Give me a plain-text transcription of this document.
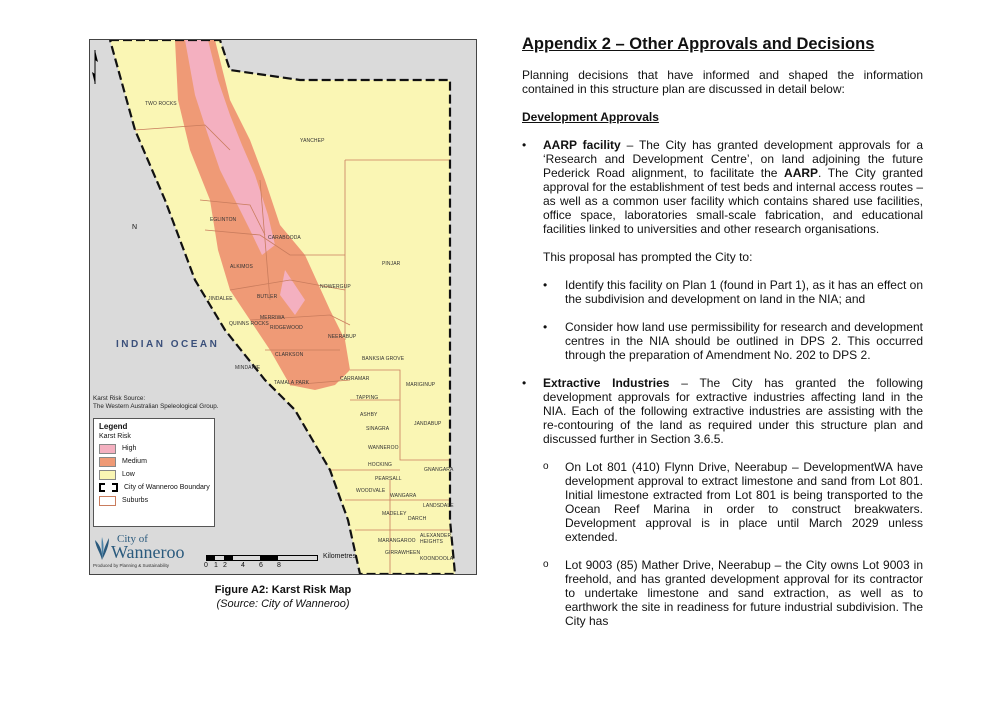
TWO ROCKS
YANCHEP
EGLINTON
CARABOODA
PINJAR
ALKIMOS
NOWERGUP
JINDALEE	BUTLER
QUINNS ROCKS
MERRIWA
RIDGEWOOD
NEERABUP
CLARKSON
BANKSIA GROVE
MINDARIE
TAMALA PARK
CARRAMAR
MARIGINUP
TAPPING
ASHBY
JANDABUP
SINAGRA
WANNEROO
HOCKING
GNANGARA
PEARSALL
WOODVALE
WANGARA
LANDSDALE
MADELEY
DARCH
MARANGAROO
ALEXANDER HEIGHTS
GIRRAWHEEN
KOONDOOLA
INDIAN OCEAN
N
Karst Risk Source:
The Western Australian Speleological Group.
Legend
Karst Risk
High
Medium
Low
City of Wanneroo Boundary
Suburbs
City of
Wanneroo
Produced by Planning & Sustainability
Kilometres
0 1 2 4 6 8
Figure A2: Karst Risk Map
(Source: City of Wanneroo)
Appendix 2 – Other Approvals and Decisions

Planning decisions that have informed and shaped the information contained in this structure plan are discussed in detail below:

Development Approvals

• AARP facility – The City has granted development approvals for a ‘Research and Development Centre’, on land adjoining the future Pederick Road alignment, to facilitate the AARP. The City granted approval for the establishment of test beds and internal access routes – as well as a common user facility which contains shared use facilities, office space, laboratories small-scale fabrication, and educational facilities linked to universities and other research organisations.
This proposal has prompted the City to:
• Identify this facility on Plan 1 (found in Part 1), as it has an effect on the subdivision and development on land in the NIA; and
• Consider how land use permissibility for research and development centres in the NIA should be outlined in DPS 2. This occurred through the preparation of Amendment No. 202 to DPS 2.
• Extractive Industries – The City has granted the following development approvals for extractive industries affecting land in the NIA. Each of the following extractive industries are assisting with the re-contouring of the land as required under this structure plan and discussed further in Section 3.6.5.
o On Lot 801 (410) Flynn Drive, Neerabup – DevelopmentWA have development approval to extract limestone and sand from Lot 801. Initial limestone extracted from Lot 801 is being transported to the Ocean Reef Marina in order to construct breakwaters. Development approval is in place until March 2029 unless extended.
o Lot 9003 (85) Mather Drive, Neerabup – the City owns Lot 9003 in freehold, and has granted development approval for its contractor to undertake limestone and sand extraction, as well as to earthwork the site in readiness for future industrial subdivision. The City has
